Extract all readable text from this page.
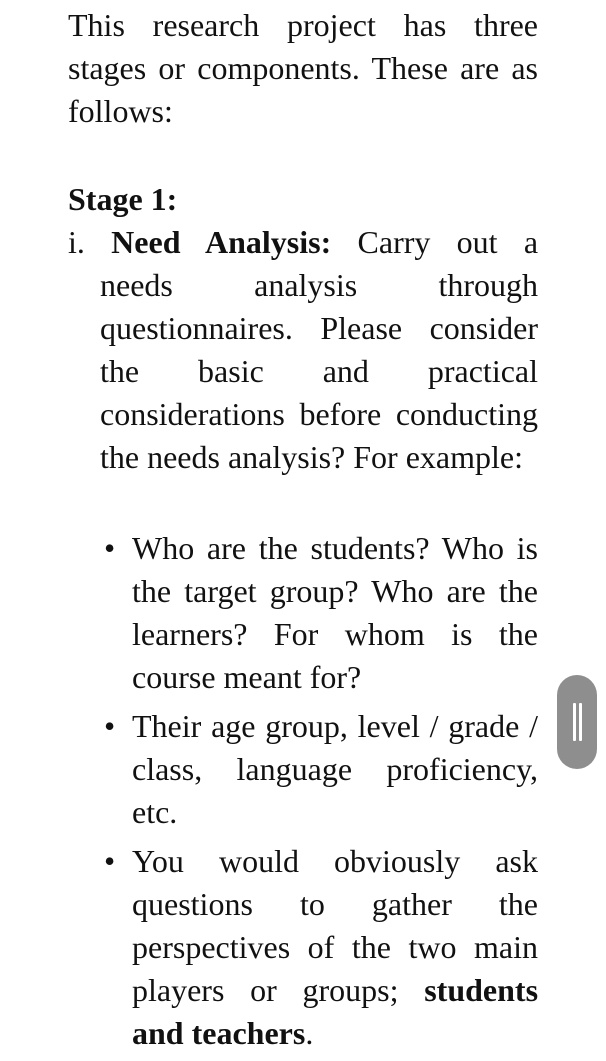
This research project has three stages or components. These are as follows:

Stage 1:
i. Need Analysis: Carry out a
needs analysis through questionnaires. Please consider the basic and practical considerations before conducting the needs analysis? For example:
• Who are the students? Who is the target group? Who are the learners? For whom is the course meant for?
• Their age group, level / grade / class, language proficiency, etc.
• You would obviously ask questions to gather the perspectives of the two main players or groups; students and teachers.
